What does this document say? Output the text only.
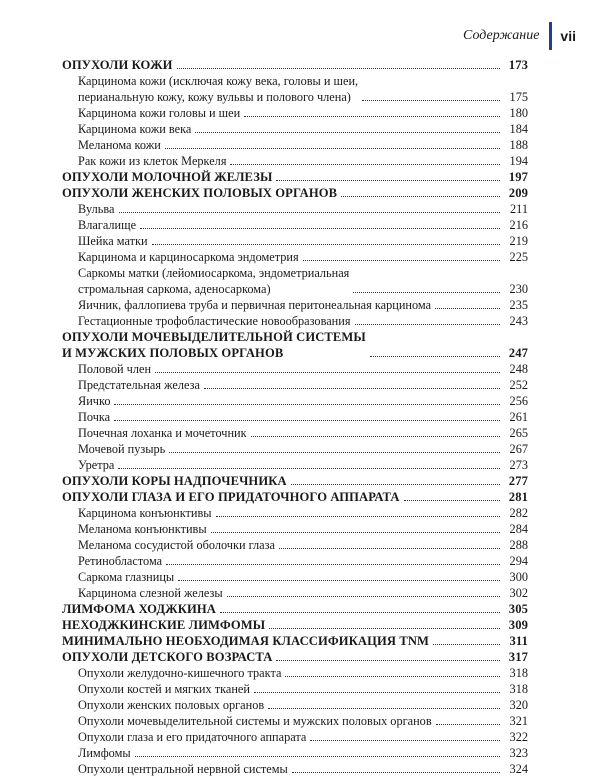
Содержание vii
ОПУХОЛИ КОЖИ	173
Карцинома кожи (исключая кожу века, головы и шеи,
перианальную кожу, кожу вульвы и полового члена)	175
Карцинома кожи головы и шеи	180
Карцинома кожи века	184
Меланома кожи	188
Рак кожи из клеток Меркеля	194
ОПУХОЛИ МОЛОЧНОЙ ЖЕЛЕЗЫ	197
ОПУХОЛИ ЖЕНСКИХ ПОЛОВЫХ ОРГАНОВ	209
Вульва	211
Влагалище	216
Шейка матки	219
Карцинома и карциносаркома эндометрия	225
Саркомы матки (лейомиосаркома, эндометриальная
стромальная саркома, аденосаркома)	230
Яичник, фаллопиева труба и первичная перитонеальная карцинома	235
Гестационные трофобластические новообразования	243
ОПУХОЛИ МОЧЕВЫДЕЛИТЕЛЬНОЙ СИСТЕМЫ
И МУЖСКИХ ПОЛОВЫХ ОРГАНОВ	247
Половой член	248
Предстательная железа	252
Яичко	256
Почка	261
Почечная лоханка и мочеточник	265
Мочевой пузырь	267
Уретра	273
ОПУХОЛИ КОРЫ НАДПОЧЕЧНИКА	277
ОПУХОЛИ ГЛАЗА И ЕГО ПРИДАТОЧНОГО АППАРАТА	281
Карцинома конъюнктивы	282
Меланома конъюнктивы	284
Меланома сосудистой оболочки глаза	288
Ретинобластома	294
Саркома глазницы	300
Карцинома слезной железы	302
ЛИМФОМА ХОДЖКИНА	305
НЕХОДЖКИНСКИЕ ЛИМФОМЫ	309
МИНИМАЛЬНО НЕОБХОДИМАЯ КЛАССИФИКАЦИЯ TNM	311
ОПУХОЛИ ДЕТСКОГО ВОЗРАСТА	317
Опухоли желудочно-кишечного тракта	318
Опухоли костей и мягких тканей	318
Опухоли женских половых органов	320
Опухоли мочевыделительной системы и мужских половых органов	321
Опухоли глаза и его придаточного аппарата	322
Лимфомы	323
Опухоли центральной нервной системы	324
